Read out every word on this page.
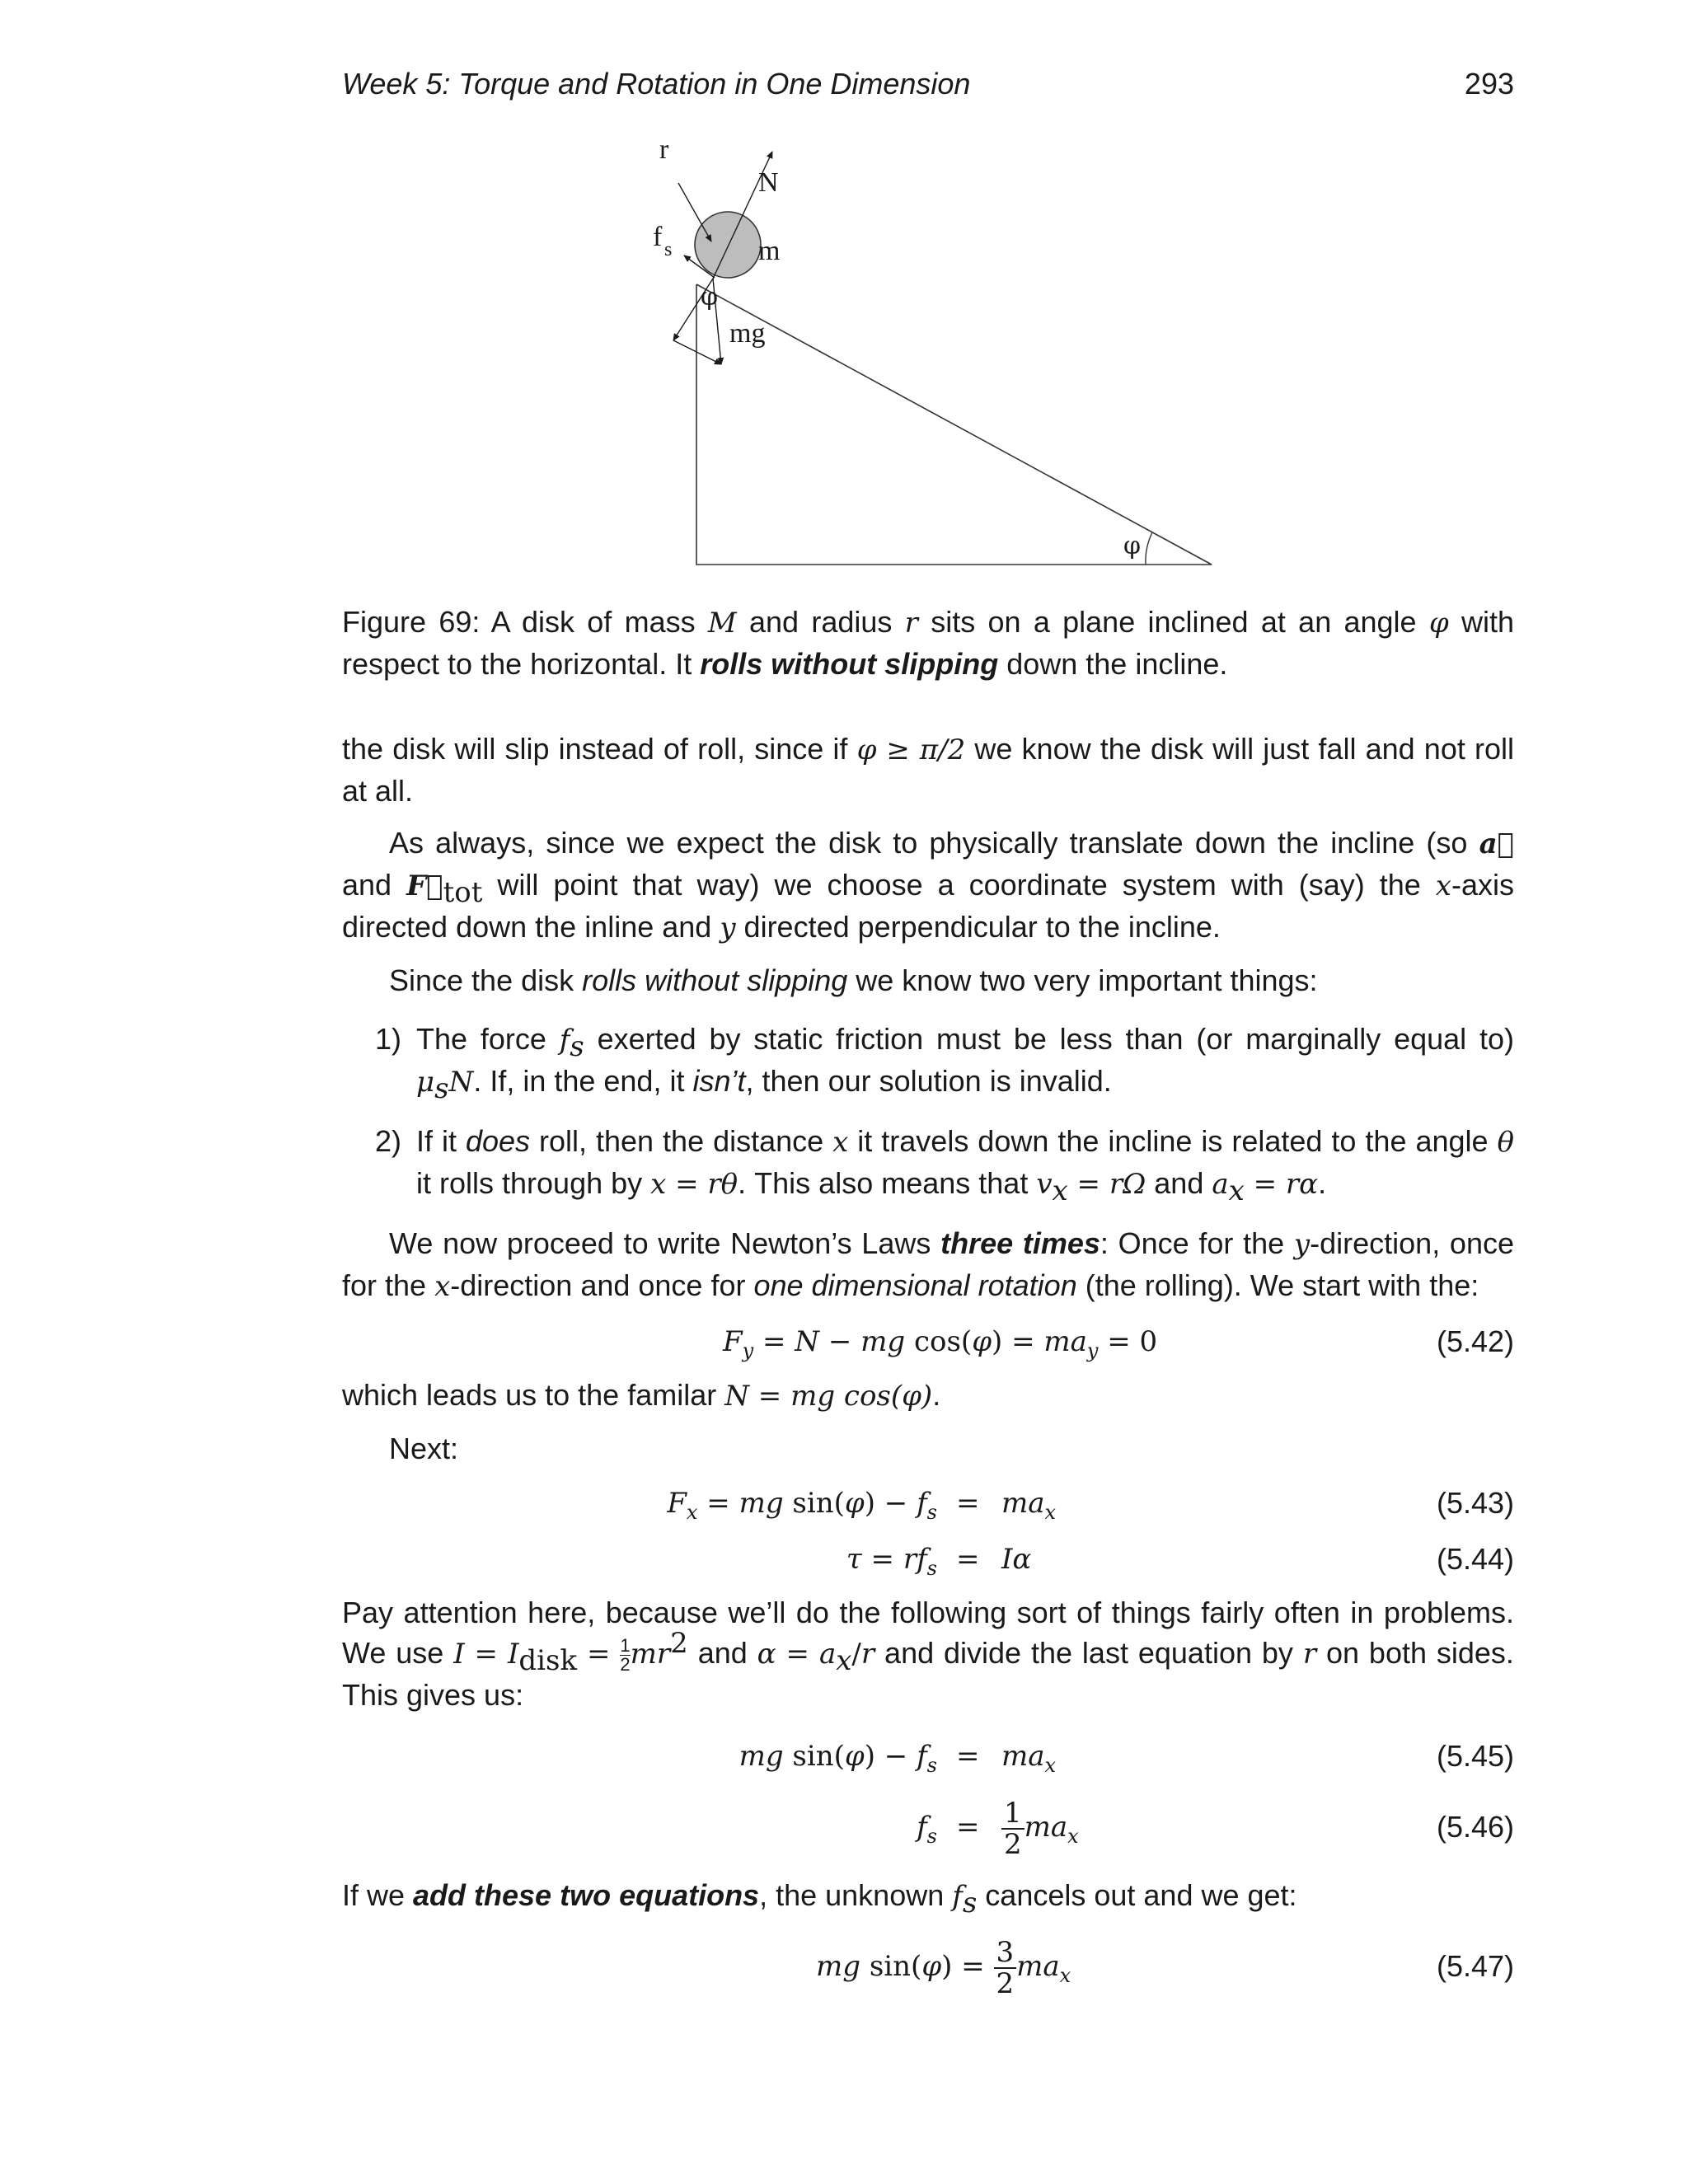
Week 5: Torque and Rotation in One Dimension	293
r
N
f s	m
φ
mg
φ

Figure 69: A disk of mass M and radius r sits on a plane inclined at an angle φ with respect to the horizontal. It rolls without slipping down the incline.

the disk will slip instead of roll, since if φ ≥ π/2 we know the disk will just fall and not roll at all.

As always, since we expect the disk to physically translate down the incline (so a and $F_{tot}$ will point that way) we choose a coordinate system with (say) the x-axis directed down the inline and y directed perpendicular to the incline.

Since the disk rolls without slipping we know two very important things:

1) The force $f_s$ exerted by static friction must be less than (or marginally equal to) $\mu_sN$. If, in the end, it isn’t, then our solution is invalid.
2) If it does roll, then the distance x it travels down the incline is related to the angle θ it rolls through by x = rθ. This also means that $v_x = r\Omega$ and $a_x = r\alpha$.

We now proceed to write Newton’s Laws three times: Once for the y-direction, once for the x-direction and once for one dimensional rotation (the rolling). We start with the:

$F_y = N$ − mg $\cos(\varphi) = ma_y = 0$	(5.42)

which leads us to the familar N = mg cos(φ).

Next:

$F_x$ = mg $\sin(\varphi) - f_s = ma_x$	(5.43)
$\tau = rf_s = I\alpha$	(5.44)

Pay attention here, because we’ll do the following sort of things fairly often in problems. We use $I = I_{disk} = \frac{1}{2} mr^2$ and $\alpha = a_x/r$ and divide the last equation by r on both sides. This gives us:

mg $\sin(\varphi) - f_s = ma_x$	(5.45)
$f_s = \frac{1}{2} ma_x$	(5.46)

If we add these two equations, the unknown $f_s$ cancels out and we get:

mg $\sin(\varphi) = \frac{3}{2} ma_x$	(5.47)
